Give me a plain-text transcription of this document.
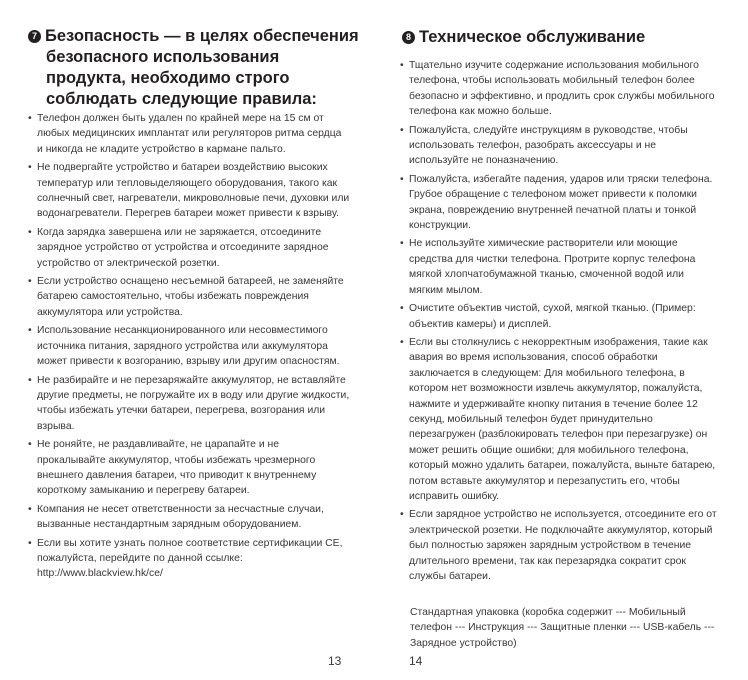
7 Безопасность — в целях обеспечения
безопасного использования
продукта, необходимо строго
соблюдать следующие правила:
• Телефон должен быть удален по крайней мере на 15 см от любых медицинских имплантат или регуляторов ритма сердца и никогда не кладите устройство в кармане пальто.
• Не подвергайте устройство и батареи воздействию высоких температур или тепловыделяющего оборудования, такого как солнечный свет, нагреватели, микроволновые печи, духовки или водонагреватели. Перегрев батареи может привести к взрыву.
• Когда зарядка завершена или не заряжается, отсоедините зарядное устройство от устройства и отсоедините зарядное устройство от электрической розетки.
• Если устройство оснащено несъемной батареей, не заменяйте батарею самостоятельно, чтобы избежать повреждения аккумулятора или устройства.
• Использование несанкционированного или несовместимого источника питания, зарядного устройства или аккумулятора может привести к возгоранию, взрыву или другим опасностям.
• Не разбирайте и не перезаряжайте аккумулятор, не вставляйте другие предметы, не погружайте их в воду или другие жидкости, чтобы избежать утечки батареи, перегрева, возгорания или взрыва.
• Не роняйте, не раздавливайте, не царапайте и не прокалывайте аккумулятор, чтобы избежать чрезмерного внешнего давления батареи, что приводит к внутреннему короткому замыканию и перегреву батареи.
• Компания не несет ответственности за несчастные случаи, вызванные нестандартным зарядным оборудованием.
• Если вы хотите узнать полное соответствие сертификации CE, пожалуйста, перейдите по данной ссылке: http://www.blackview.hk/ce/
13
8 Техническое обслуживание
• Тщательно изучите содержание использования мобильного телефона, чтобы использовать мобильный телефон более безопасно и эффективно, и продлить срок службы мобильного телефона как можно больше.
• Пожалуйста, следуйте инструкциям в руководстве, чтобы использовать телефон, разобрать аксессуары и не используйте не поназначению.
• Пожалуйста, избегайте падения, ударов или тряски телефона. Грубое обращение с телефоном может привести к поломки экрана, повреждению внутренней печатной платы и тонкой конструкции.
• Не используйте химические растворители или моющие средства для чистки телефона. Протрите корпус телефона мягкой хлопчатобумажной тканью, смоченной водой или мягким мылом.
• Очистите объектив чистой, сухой, мягкой тканью. (Пример: объектив камеры) и дисплей.
• Если вы столкнулись с некорректным изображения, такие как авария во время использования, способ обработки заключается в следующем: Для мобильного телефона, в котором нет возможности извлечь аккумулятор, пожалуйста, нажмите и удерживайте кнопку питания в течение более 12 секунд, мобильный телефон будет принудительно перезагружен (разблокировать телефон при перезагрузке) он может решить общие ошибки; для мобильного телефона, который можно удалить батареи, пожалуйста, выньте батарею, потом вставьте аккумулятор и перезапустить его, чтобы исправить ошибку.
• Если зарядное устройство не используется, отсоедините его от электрической розетки. Не подключайте аккумулятор, который был полностью заряжен зарядным устройством в течение длительного времени, так как перезарядка сократит срок службы батареи.
Стандартная упаковка (коробка содержит --- Мобильный телефон --- Инструкция --- Защитные пленки --- USB-кабель --- Зарядное устройство)
14
